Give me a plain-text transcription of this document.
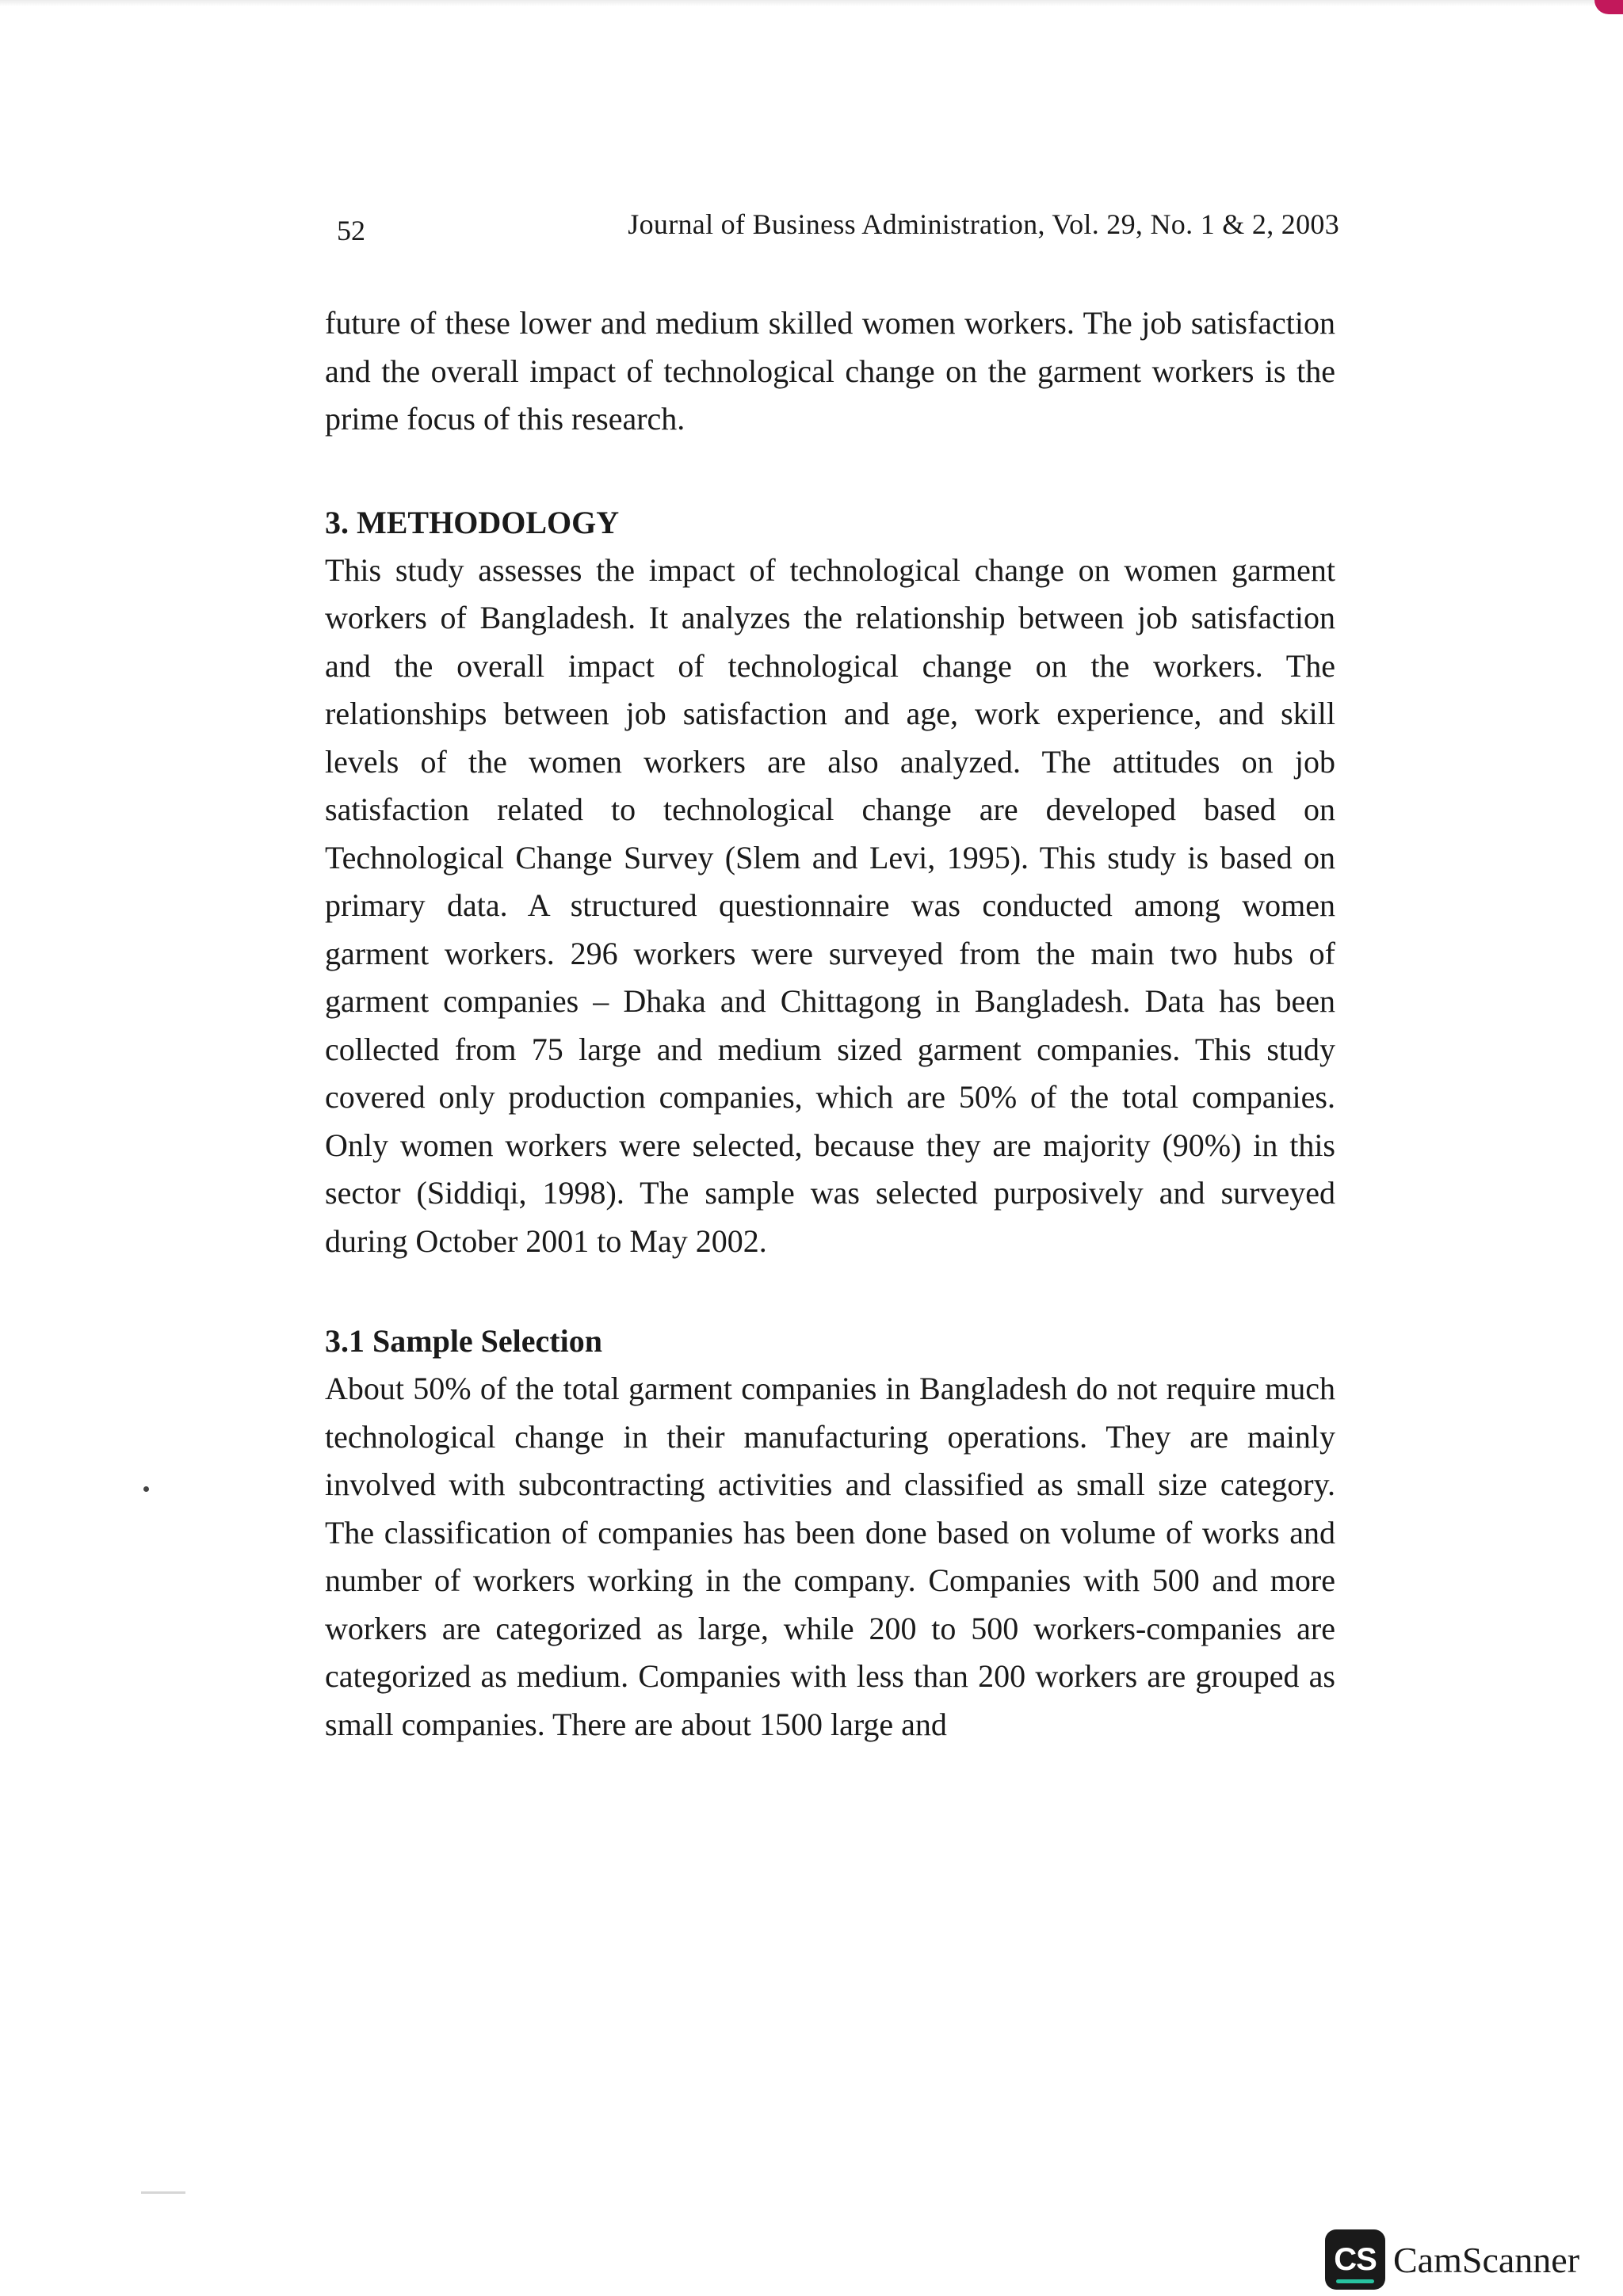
52	Journal of Business Administration, Vol. 29, No. 1 & 2, 2003

future of these lower and medium skilled women workers. The job satisfaction and the overall impact of technological change on the garment workers is the prime focus of this research.

3. METHODOLOGY

This study assesses the impact of technological change on women garment workers of Bangladesh. It analyzes the relationship between job satisfaction and the overall impact of technological change on the workers. The relationships between job satisfaction and age, work experience, and skill levels of the women workers are also analyzed. The attitudes on job satisfaction related to technological change are developed based on Technological Change Survey (Slem and Levi, 1995). This study is based on primary data. A structured questionnaire was conducted among women garment workers. 296 workers were surveyed from the main two hubs of garment companies – Dhaka and Chittagong in Bangladesh. Data has been collected from 75 large and medium sized garment companies. This study covered only production companies, which are 50% of the total companies. Only women workers were selected, because they are majority (90%) in this sector (Siddiqi, 1998). The sample was selected purposively and surveyed during October 2001 to May 2002.

3.1 Sample Selection

About 50% of the total garment companies in Bangladesh do not require much technological change in their manufacturing operations. They are mainly involved with subcontracting activities and classified as small size category. The classification of companies has been done based on volume of works and number of workers working in the company. Companies with 500 and more workers are categorized as large, while 200 to 500 workers-companies are categorized as medium. Companies with less than 200 workers are grouped as small companies. There are about 1500 large and

CS CamScanner
